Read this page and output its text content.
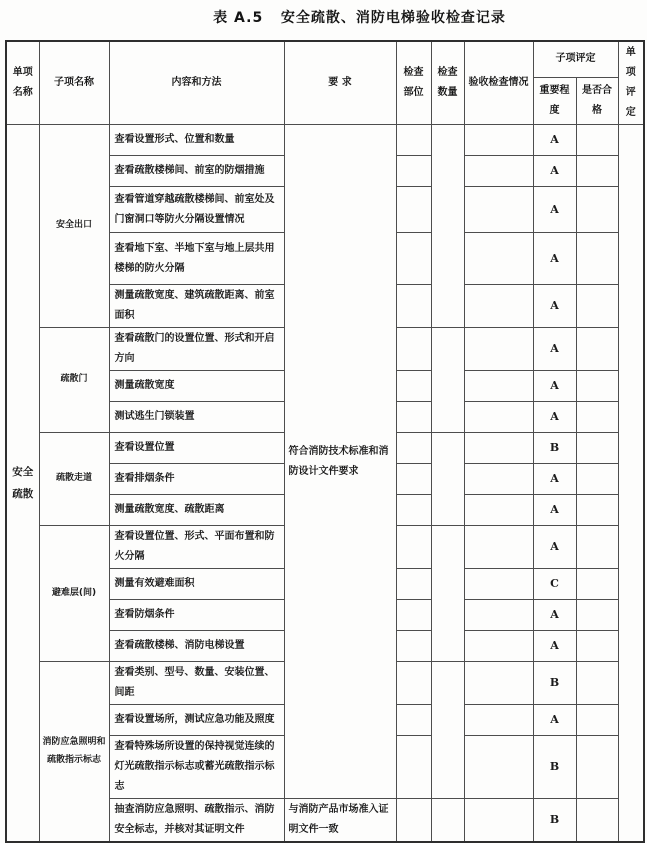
表 A.5   安全疏散、消防电梯验收检查记录
单项名称	子项名称	内容和方法	要 求	检查部位	检查数量	验收检查情况	子项评定		单项评定
							重要程度	是否合格	
安全疏散	安全出口	查看设置形式、位置和数量	符合消防技术标准和消防设计文件要求				A		
		查看疏散楼梯间、前室的防烟措施					A		
		查看管道穿越疏散楼梯间、前室处及门窗洞口等防火分隔设置情况					A		
		查看地下室、半地下室与地上层共用楼梯的防火分隔					A		
		测量疏散宽度、建筑疏散距离、前室面积					A		
	疏散门	查看疏散门的设置位置、形式和开启方向					A		
		测量疏散宽度					A		
		测试逃生门锁装置					A		
	疏散走道	查看设置位置					B		
		查看排烟条件					A		
		测量疏散宽度、疏散距离					A		
	避难层(间)	查看设置位置、形式、平面布置和防火分隔					A		
		测量有效避难面积					C		
		查看防烟条件					A		
		查看疏散楼梯、消防电梯设置					A		
	消防应急照明和疏散指示标志	查看类别、型号、数量、安装位置、间距					B		
		查看设置场所，测试应急功能及照度					A		
		查看特殊场所设置的保持视觉连续的灯光疏散指示标志或蓄光疏散指示标志					B		
		抽查消防应急照明、疏散指示、消防安全标志，并核对其证明文件	与消防产品市场准入证明文件一致				B		
